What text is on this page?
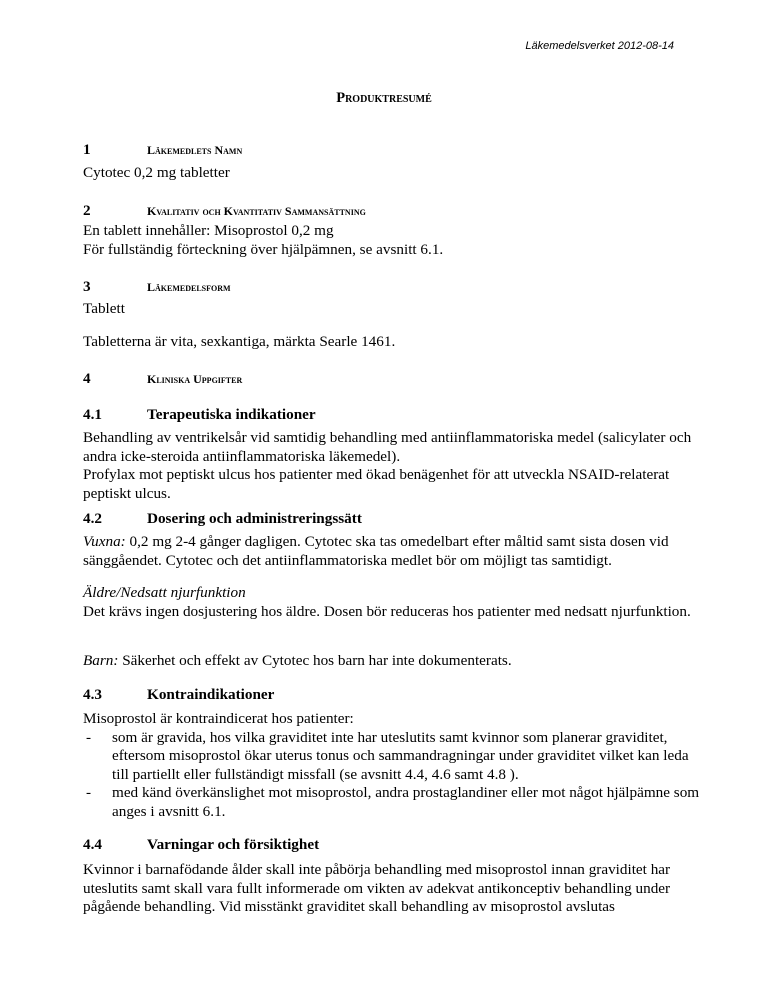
Läkemedelsverket 2012-08-14
Produktresumé
1	Läkemedlets Namn

Cytotec 0,2 mg tabletter

2	Kvalitativ och Kvantitativ Sammansättning

En tablett innehåller: Misoprostol 0,2 mg

För fullständig förteckning över hjälpämnen, se avsnitt 6.1.

3	Läkemedelsform

Tablett

Tabletterna är vita, sexkantiga, märkta Searle 1461.

4	Kliniska Uppgifter
4.1	Terapeutiska indikationer

Behandling av ventrikelsår vid samtidig behandling med antiinflammatoriska medel (salicylater och andra icke-steroida antiinflammatoriska läkemedel).

Profylax mot peptiskt ulcus hos patienter med ökad benägenhet för att utveckla NSAID-relaterat peptiskt ulcus.

4.2	Dosering och administreringssätt

Vuxna: 0,2 mg 2-4 gånger dagligen. Cytotec ska tas omedelbart efter måltid samt sista dosen vid sänggåendet. Cytotec och det antiinflammatoriska medlet bör om möjligt tas samtidigt.

Äldre/Nedsatt njurfunktion

Det krävs ingen dosjustering hos äldre. Dosen bör reduceras hos patienter med nedsatt njurfunktion.

Barn: Säkerhet och effekt av Cytotec hos barn har inte dokumenterats.

4.3	Kontraindikationer

Misoprostol är kontraindicerat hos patienter:

- som är gravida, hos vilka graviditet inte har uteslutits samt kvinnor som planerar graviditet, eftersom misoprostol ökar uterus tonus och sammandragningar under graviditet vilket kan leda till partiellt eller fullständigt missfall (se avsnitt 4.4, 4.6 samt 4.8 ).
- med känd överkänslighet mot misoprostol, andra prostaglandiner eller mot något hjälpämne som anges i avsnitt 6.1.
4.4	Varningar och försiktighet

Kvinnor i barnafödande ålder skall inte påbörja behandling med misoprostol innan graviditet har uteslutits samt skall vara fullt informerade om vikten av adekvat antikonceptiv behandling under pågående behandling. Vid misstänkt graviditet skall behandling av misoprostol avslutas
